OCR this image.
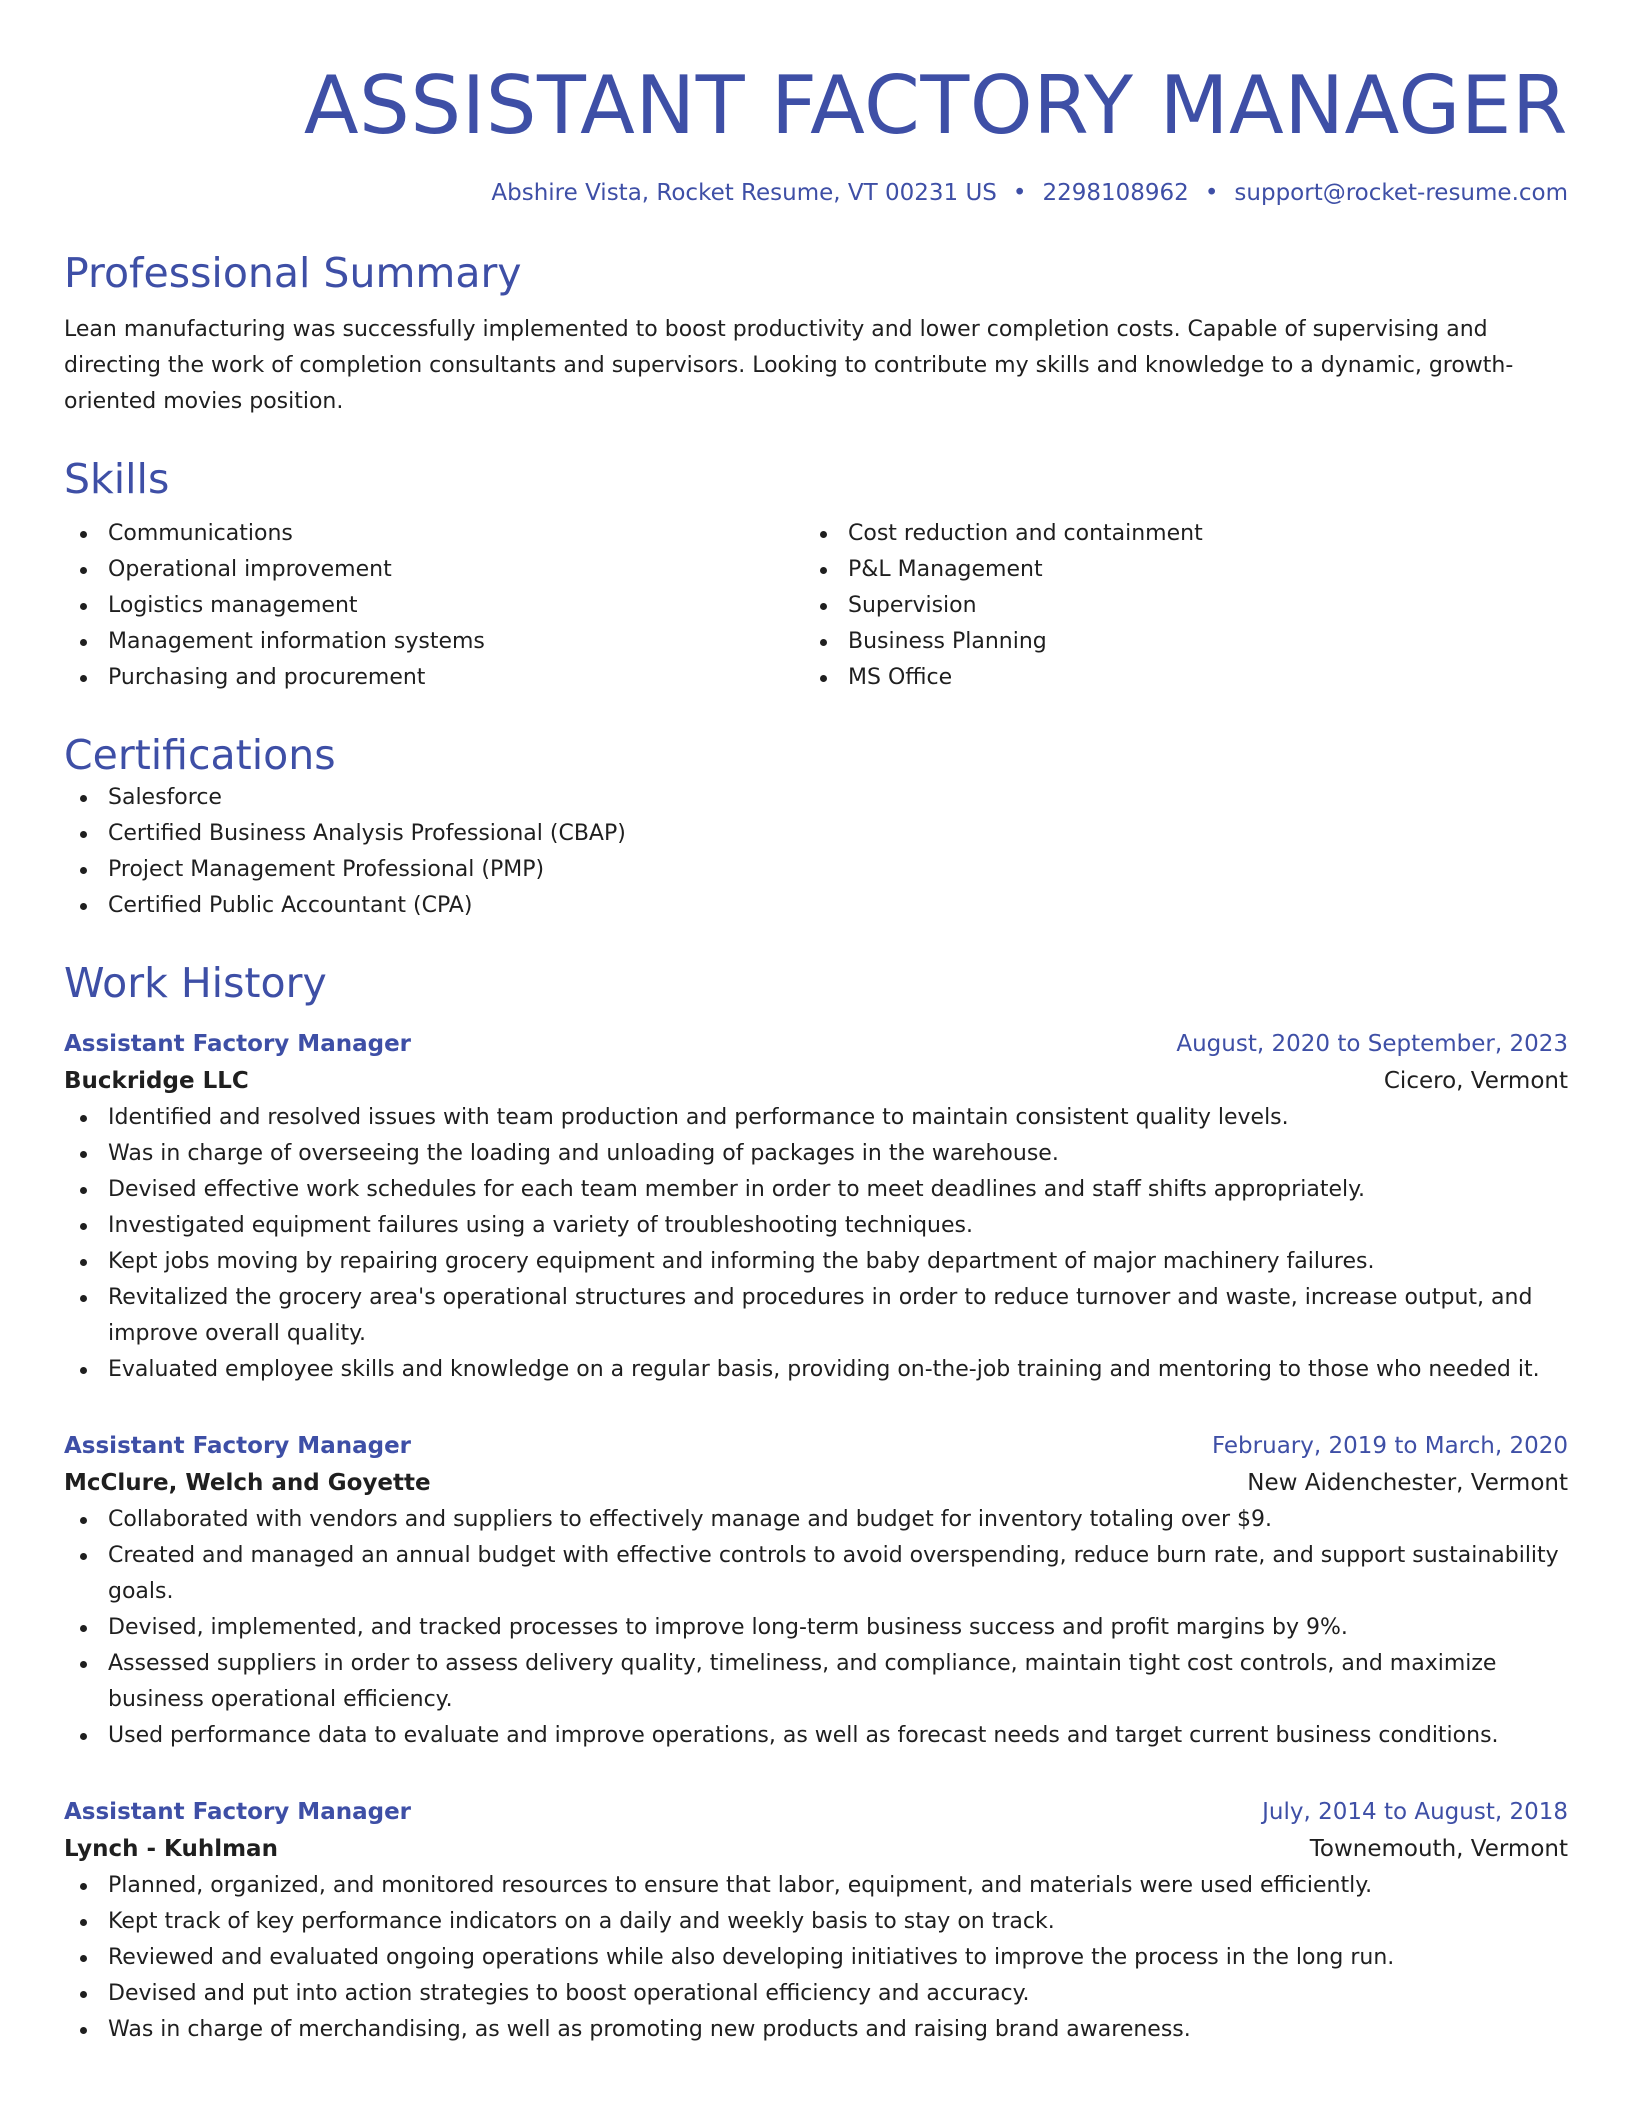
ASSISTANT FACTORY MANAGER
Abshire Vista, Rocket Resume, VT 00231 US • 2298108962 • support@rocket-resume.com
Professional Summary
Lean manufacturing was successfully implemented to boost productivity and lower completion costs. Capable of supervising and directing the work of completion consultants and supervisors. Looking to contribute my skills and knowledge to a dynamic, growth-oriented movies position.
Skills
Communications
Operational improvement
Logistics management
Management information systems
Purchasing and procurement
Cost reduction and containment
P&L Management
Supervision
Business Planning
MS Office
Certifications
Salesforce
Certified Business Analysis Professional (CBAP)
Project Management Professional (PMP)
Certified Public Accountant (CPA)
Work History
Assistant Factory Manager	August, 2020 to September, 2023
Buckridge LLC	Cicero, Vermont
Identified and resolved issues with team production and performance to maintain consistent quality levels.
Was in charge of overseeing the loading and unloading of packages in the warehouse.
Devised effective work schedules for each team member in order to meet deadlines and staff shifts appropriately.
Investigated equipment failures using a variety of troubleshooting techniques.
Kept jobs moving by repairing grocery equipment and informing the baby department of major machinery failures.
Revitalized the grocery area's operational structures and procedures in order to reduce turnover and waste, increase output, and improve overall quality.
Evaluated employee skills and knowledge on a regular basis, providing on-the-job training and mentoring to those who needed it.
Assistant Factory Manager	February, 2019 to March, 2020
McClure, Welch and Goyette	New Aidenchester, Vermont
Collaborated with vendors and suppliers to effectively manage and budget for inventory totaling over $9.
Created and managed an annual budget with effective controls to avoid overspending, reduce burn rate, and support sustainability goals.
Devised, implemented, and tracked processes to improve long-term business success and profit margins by 9%.
Assessed suppliers in order to assess delivery quality, timeliness, and compliance, maintain tight cost controls, and maximize business operational efficiency.
Used performance data to evaluate and improve operations, as well as forecast needs and target current business conditions.
Assistant Factory Manager	July, 2014 to August, 2018
Lynch - Kuhlman	Townemouth, Vermont
Planned, organized, and monitored resources to ensure that labor, equipment, and materials were used efficiently.
Kept track of key performance indicators on a daily and weekly basis to stay on track.
Reviewed and evaluated ongoing operations while also developing initiatives to improve the process in the long run.
Devised and put into action strategies to boost operational efficiency and accuracy.
Was in charge of merchandising, as well as promoting new products and raising brand awareness.
